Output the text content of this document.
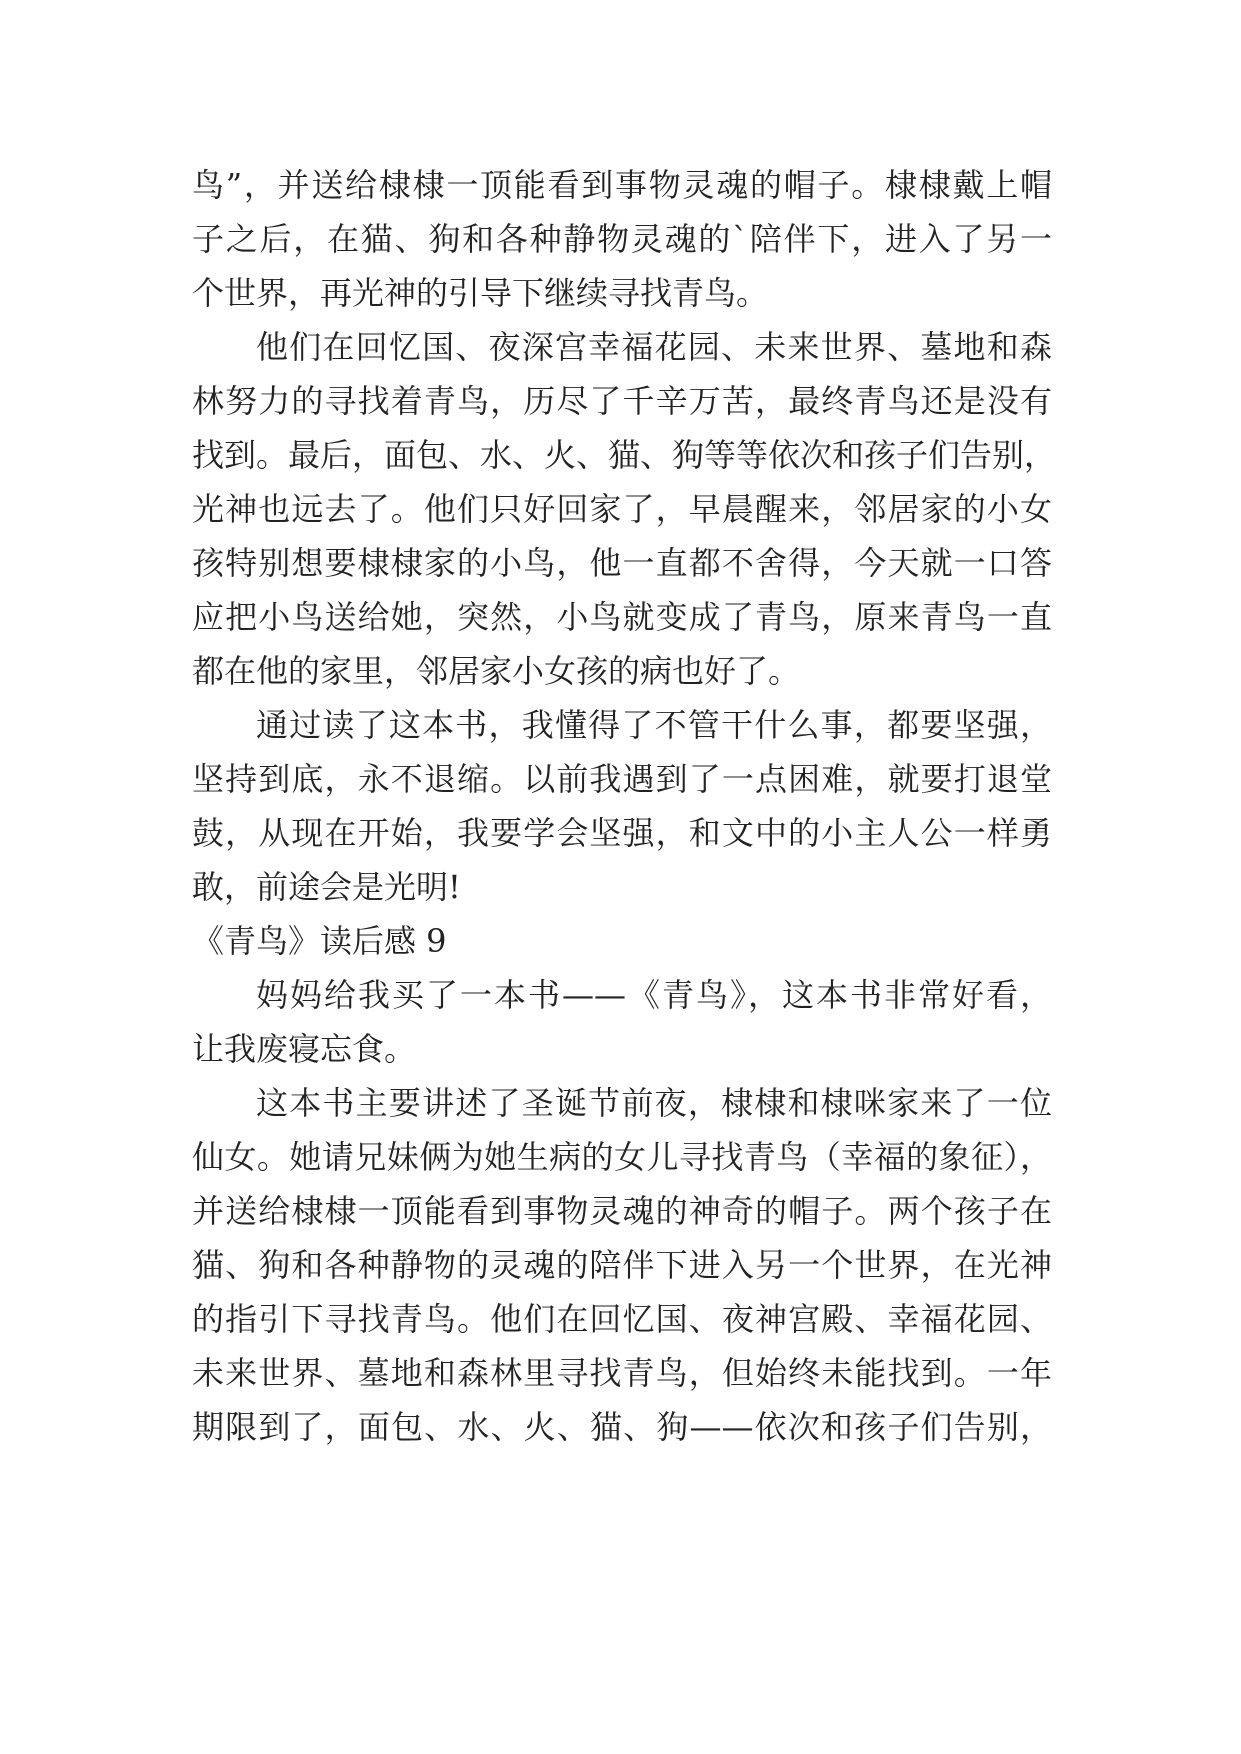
鸟”，并送给棣棣一顶能看到事物灵魂的帽子。棣棣戴上帽
子之后，在猫、狗和各种静物灵魂的`陪伴下，进入了另一
个世界，再光神的引导下继续寻找青鸟。
他们在回忆国、夜深宫幸福花园、未来世界、墓地和森
林努力的寻找着青鸟，历尽了千辛万苦，最终青鸟还是没有
找到。最后，面包、水、火、猫、狗等等依次和孩子们告别，
光神也远去了。他们只好回家了，早晨醒来，邻居家的小女
孩特别想要棣棣家的小鸟，他一直都不舍得，今天就一口答
应把小鸟送给她，突然，小鸟就变成了青鸟，原来青鸟一直
都在他的家里，邻居家小女孩的病也好了。
通过读了这本书，我懂得了不管干什么事，都要坚强，
坚持到底，永不退缩。以前我遇到了一点困难，就要打退堂
鼓，从现在开始，我要学会坚强，和文中的小主人公一样勇
敢，前途会是光明!
《青鸟》读后感 9
妈妈给我买了一本书——《青鸟》，这本书非常好看，
让我废寝忘食。
这本书主要讲述了圣诞节前夜，棣棣和棣咪家来了一位
仙女。她请兄妹俩为她生病的女儿寻找青鸟（幸福的象征），
并送给棣棣一顶能看到事物灵魂的神奇的帽子。两个孩子在
猫、狗和各种静物的灵魂的陪伴下进入另一个世界，在光神
的指引下寻找青鸟。他们在回忆国、夜神宫殿、幸福花园、
未来世界、墓地和森林里寻找青鸟，但始终未能找到。一年
期限到了，面包、水、火、猫、狗——依次和孩子们告别，
